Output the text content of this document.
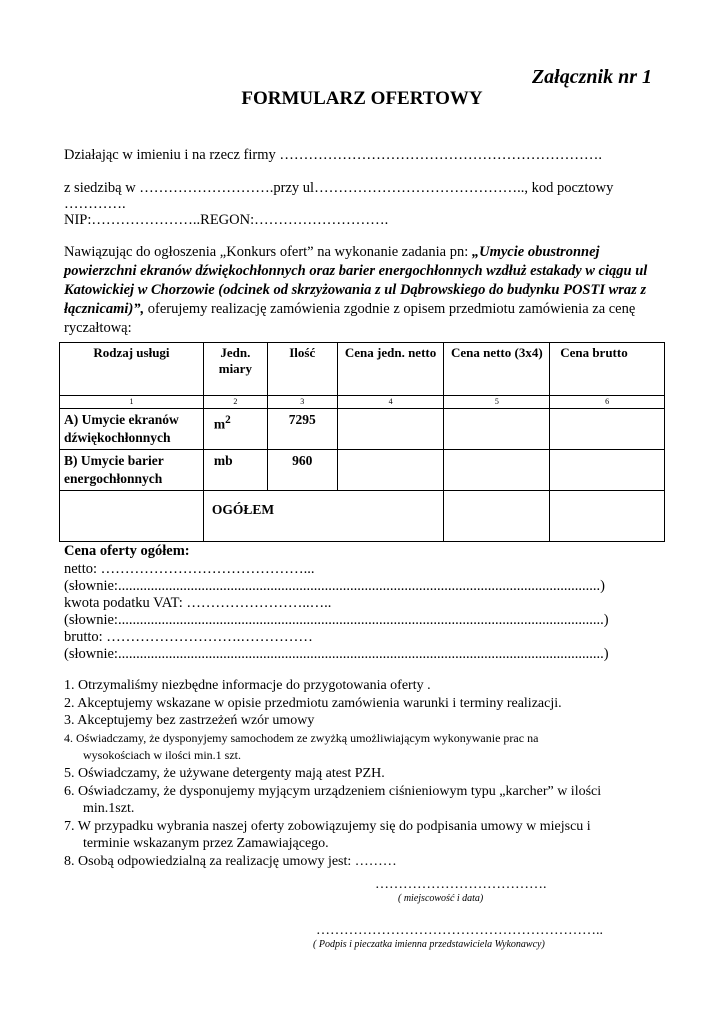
Załącznik nr 1
FORMULARZ OFERTOWY
Działając w imieniu i na rzecz firmy ………………………………………………………….
z siedzibą w ……………………….przy ul…………………………………….., kod pocztowy
………….
NIP:…………………..REGON:……………………….
Nawiązując do ogłoszenia „Konkurs ofert” na wykonanie zadania pn: „Umycie obustronnej powierzchni ekranów dźwiękochłonnych oraz barier energochłonnych wzdłuż estakady w ciągu ul Katowickiej w Chorzowie (odcinek od skrzyżowania z ul Dąbrowskiego do budynku POSTI wraz z łącznicami)”, oferujemy realizację zamówienia zgodnie z opisem przedmiotu zamówienia za cenę ryczałtową:
Rodzaj usługi	Jedn. miary	Ilość	Cena jedn. netto	Cena netto (3x4)	Cena brutto
1	2	3	4	5	6
A) Umycie ekranów dźwiękochłonnych	$m^2$	7295			
B) Umycie barier energochłonnych	mb	960			
	OGÓŁEM				
Cena oferty ogółem:
netto: ……………………………………...
(słownie:.....................................................................................................................................)
kwota podatku VAT: ……………………..…..
(słownie:......................................................................................................................................)
brutto: ……………………….……………
(słownie:......................................................................................................................................)
1. Otrzymaliśmy niezbędne informacje do przygotowania oferty .
2. Akceptujemy wskazane w opisie przedmiotu zamówienia warunki i terminy realizacji.
3. Akceptujemy bez zastrzeżeń wzór umowy
4. Oświadczamy, że dysponyjemy samochodem ze zwyżką umożliwiającym wykonywanie prac na
wysokościach w ilości min.1 szt.
5. Oświadczamy, że używane detergenty mają atest PZH.
6. Oświadczamy, że dysponujemy myjącym urządzeniem ciśnieniowym typu „karcher” w ilości
min.1szt.
7. W przypadku wybrania naszej oferty zobowiązujemy się do podpisania umowy w miejscu i
terminie wskazanym przez Zamawiającego.
8. Osobą odpowiedzialną za realizację umowy jest: ………
……………………………….
( miejscowość i data)
……………………………………………………..
( Podpis i pieczatka imienna przedstawiciela Wykonawcy)
